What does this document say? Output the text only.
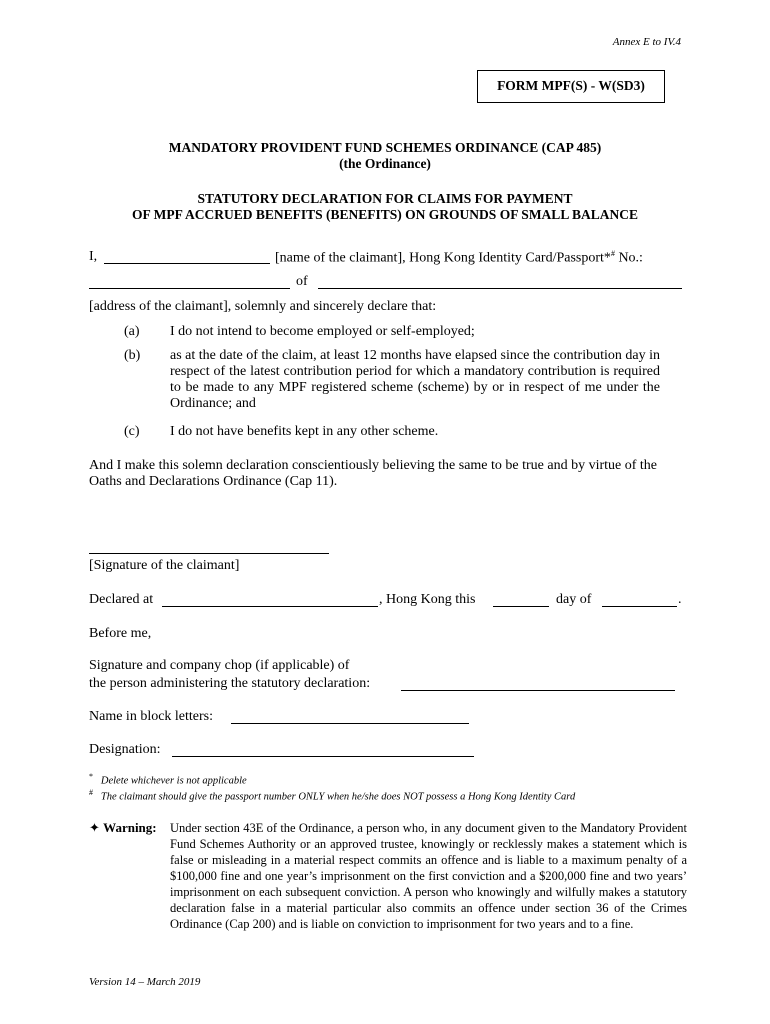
Annex E to IV.4
FORM MPF(S) - W(SD3)
MANDATORY PROVIDENT FUND SCHEMES ORDINANCE (CAP 485)
(the Ordinance)
STATUTORY DECLARATION FOR CLAIMS FOR PAYMENT
OF MPF ACCRUED BENEFITS (BENEFITS) ON GROUNDS OF SMALL BALANCE
I,	[name of the claimant], Hong Kong Identity Card/Passport*# No.:
of
[address of the claimant], solemnly and sincerely declare that:
(a) I do not intend to become employed or self-employed;
(b) as at the date of the claim, at least 12 months have elapsed since the contribution day in respect of the latest contribution period for which a mandatory contribution is required to be made to any MPF registered scheme (scheme) by or in respect of me under the Ordinance; and
(c) I do not have benefits kept in any other scheme.
And I make this solemn declaration conscientiously believing the same to be true and by virtue of the Oaths and Declarations Ordinance (Cap 11).
[Signature of the claimant]
Declared at	, Hong Kong this	day of	.
Before me,
Signature and company chop (if applicable) of
the person administering the statutory declaration:
Name in block letters:
Designation:
* Delete whichever is not applicable
# The claimant should give the passport number ONLY when he/she does NOT possess a Hong Kong Identity Card
✦ Warning: Under section 43E of the Ordinance, a person who, in any document given to the Mandatory Provident Fund Schemes Authority or an approved trustee, knowingly or recklessly makes a statement which is false or misleading in a material respect commits an offence and is liable to a maximum penalty of a $100,000 fine and one year’s imprisonment on the first conviction and a $200,000 fine and two years’ imprisonment on each subsequent conviction. A person who knowingly and wilfully makes a statutory declaration false in a material particular also commits an offence under section 36 of the Crimes Ordinance (Cap 200) and is liable on conviction to imprisonment for two years and to a fine.
Version 14 – March 2019
